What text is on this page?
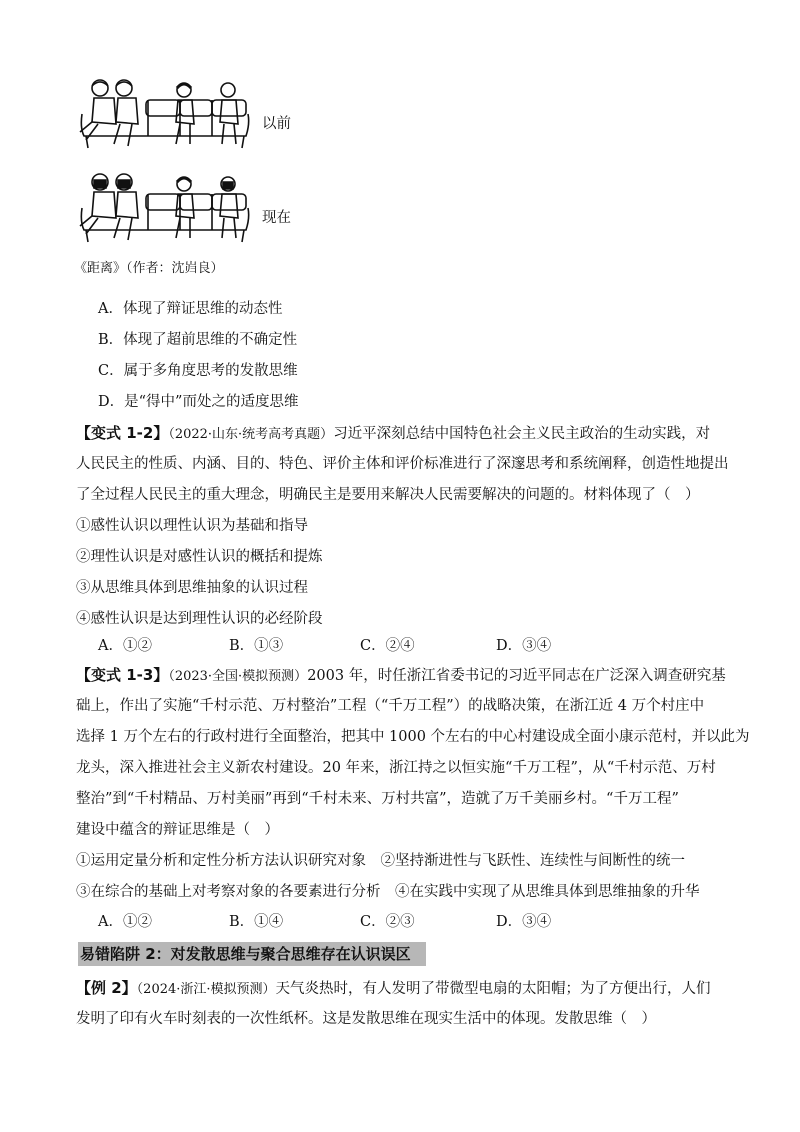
以前
现在
《距离》（作者：沈岿良）
A．体现了辩证思维的动态性
B．体现了超前思维的不确定性
C．属于多角度思考的发散思维
D．是“得中”而处之的适度思维
【变式 1-2】（2022·山东·统考高考真题）习近平深刻总结中国特色社会主义民主政治的生动实践，对
人民民主的性质、内涵、目的、特色、评价主体和评价标准进行了深邃思考和系统阐释，创造性地提出
了全过程人民民主的重大理念，明确民主是要用来解决人民需要解决的问题的。材料体现了（　）
①感性认识以理性认识为基础和指导
②理性认识是对感性认识的概括和提炼
③从思维具体到思维抽象的认识过程
④感性认识是达到理性认识的必经阶段
A．①②	B．①③	C．②④	D．③④
【变式 1-3】（2023·全国·模拟预测）2003 年，时任浙江省委书记的习近平同志在广泛深入调查研究基
础上，作出了实施“千村示范、万村整治”工程（“千万工程”）的战略决策，在浙江近 4 万个村庄中
选择 1 万个左右的行政村进行全面整治，把其中 1000 个左右的中心村建设成全面小康示范村，并以此为
龙头，深入推进社会主义新农村建设。20 年来，浙江持之以恒实施“千万工程”，从“千村示范、万村
整治”到“千村精品、万村美丽”再到“千村未来、万村共富”，造就了万千美丽乡村。“千万工程”
建设中蕴含的辩证思维是（　）
①运用定量分析和定性分析方法认识研究对象　②坚持渐进性与飞跃性、连续性与间断性的统一
③在综合的基础上对考察对象的各要素进行分析　④在实践中实现了从思维具体到思维抽象的升华
A．①②	B．①④	C．②③	D．③④
易错陷阱 2：对发散思维与聚合思维存在认识误区
【例 2】（2024·浙江·模拟预测）天气炎热时，有人发明了带微型电扇的太阳帽；为了方便出行，人们
发明了印有火车时刻表的一次性纸杯。这是发散思维在现实生活中的体现。发散思维（　）
